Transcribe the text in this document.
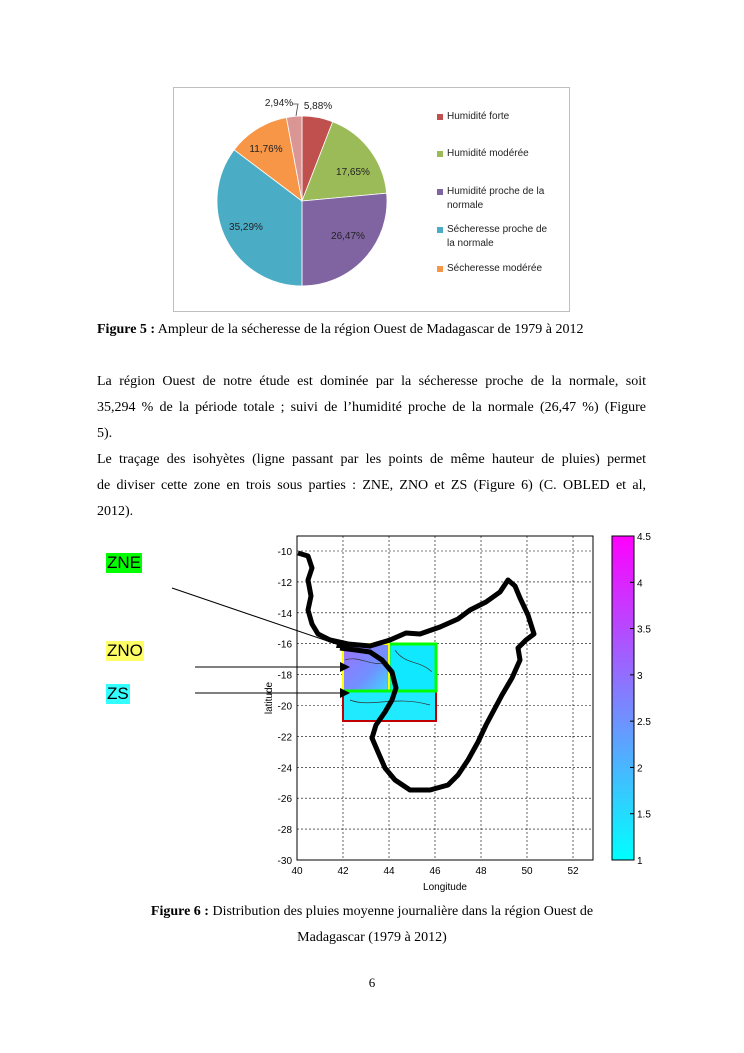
5,88%
17,65%
26,47%
35,29%
11,76%
2,94%
Humidité forte
Humidité modérée
Humidité proche de la
normale
Sécheresse proche de
la normale
Sécheresse modérée
Figure 5 : Ampleur de la sécheresse de la région Ouest de Madagascar de 1979 à 2012
La région Ouest de notre étude est dominée par la sécheresse proche de la normale, soit
35,294 % de la période totale ; suivi de l’humidité proche de la normale (26,47 %) (Figure
5).
Le traçage des isohyètes (ligne passant par les points de même hauteur de pluies) permet
de diviser cette zone en trois sous parties : ZNE, ZNO et ZS (Figure 6) (C. OBLED et al,
2012).
ZNE
ZNO
ZS
-10
-12
-14
-16
-18
-20
-22
-24
-26
-28
-30
40	42	44	46	48	50	52
latitude
Longitude
4.5
4
3.5
3
2.5
2
1.5
1
Figure 6 : Distribution des pluies moyenne journalière dans la région Ouest de
Madagascar (1979 à 2012)
6
